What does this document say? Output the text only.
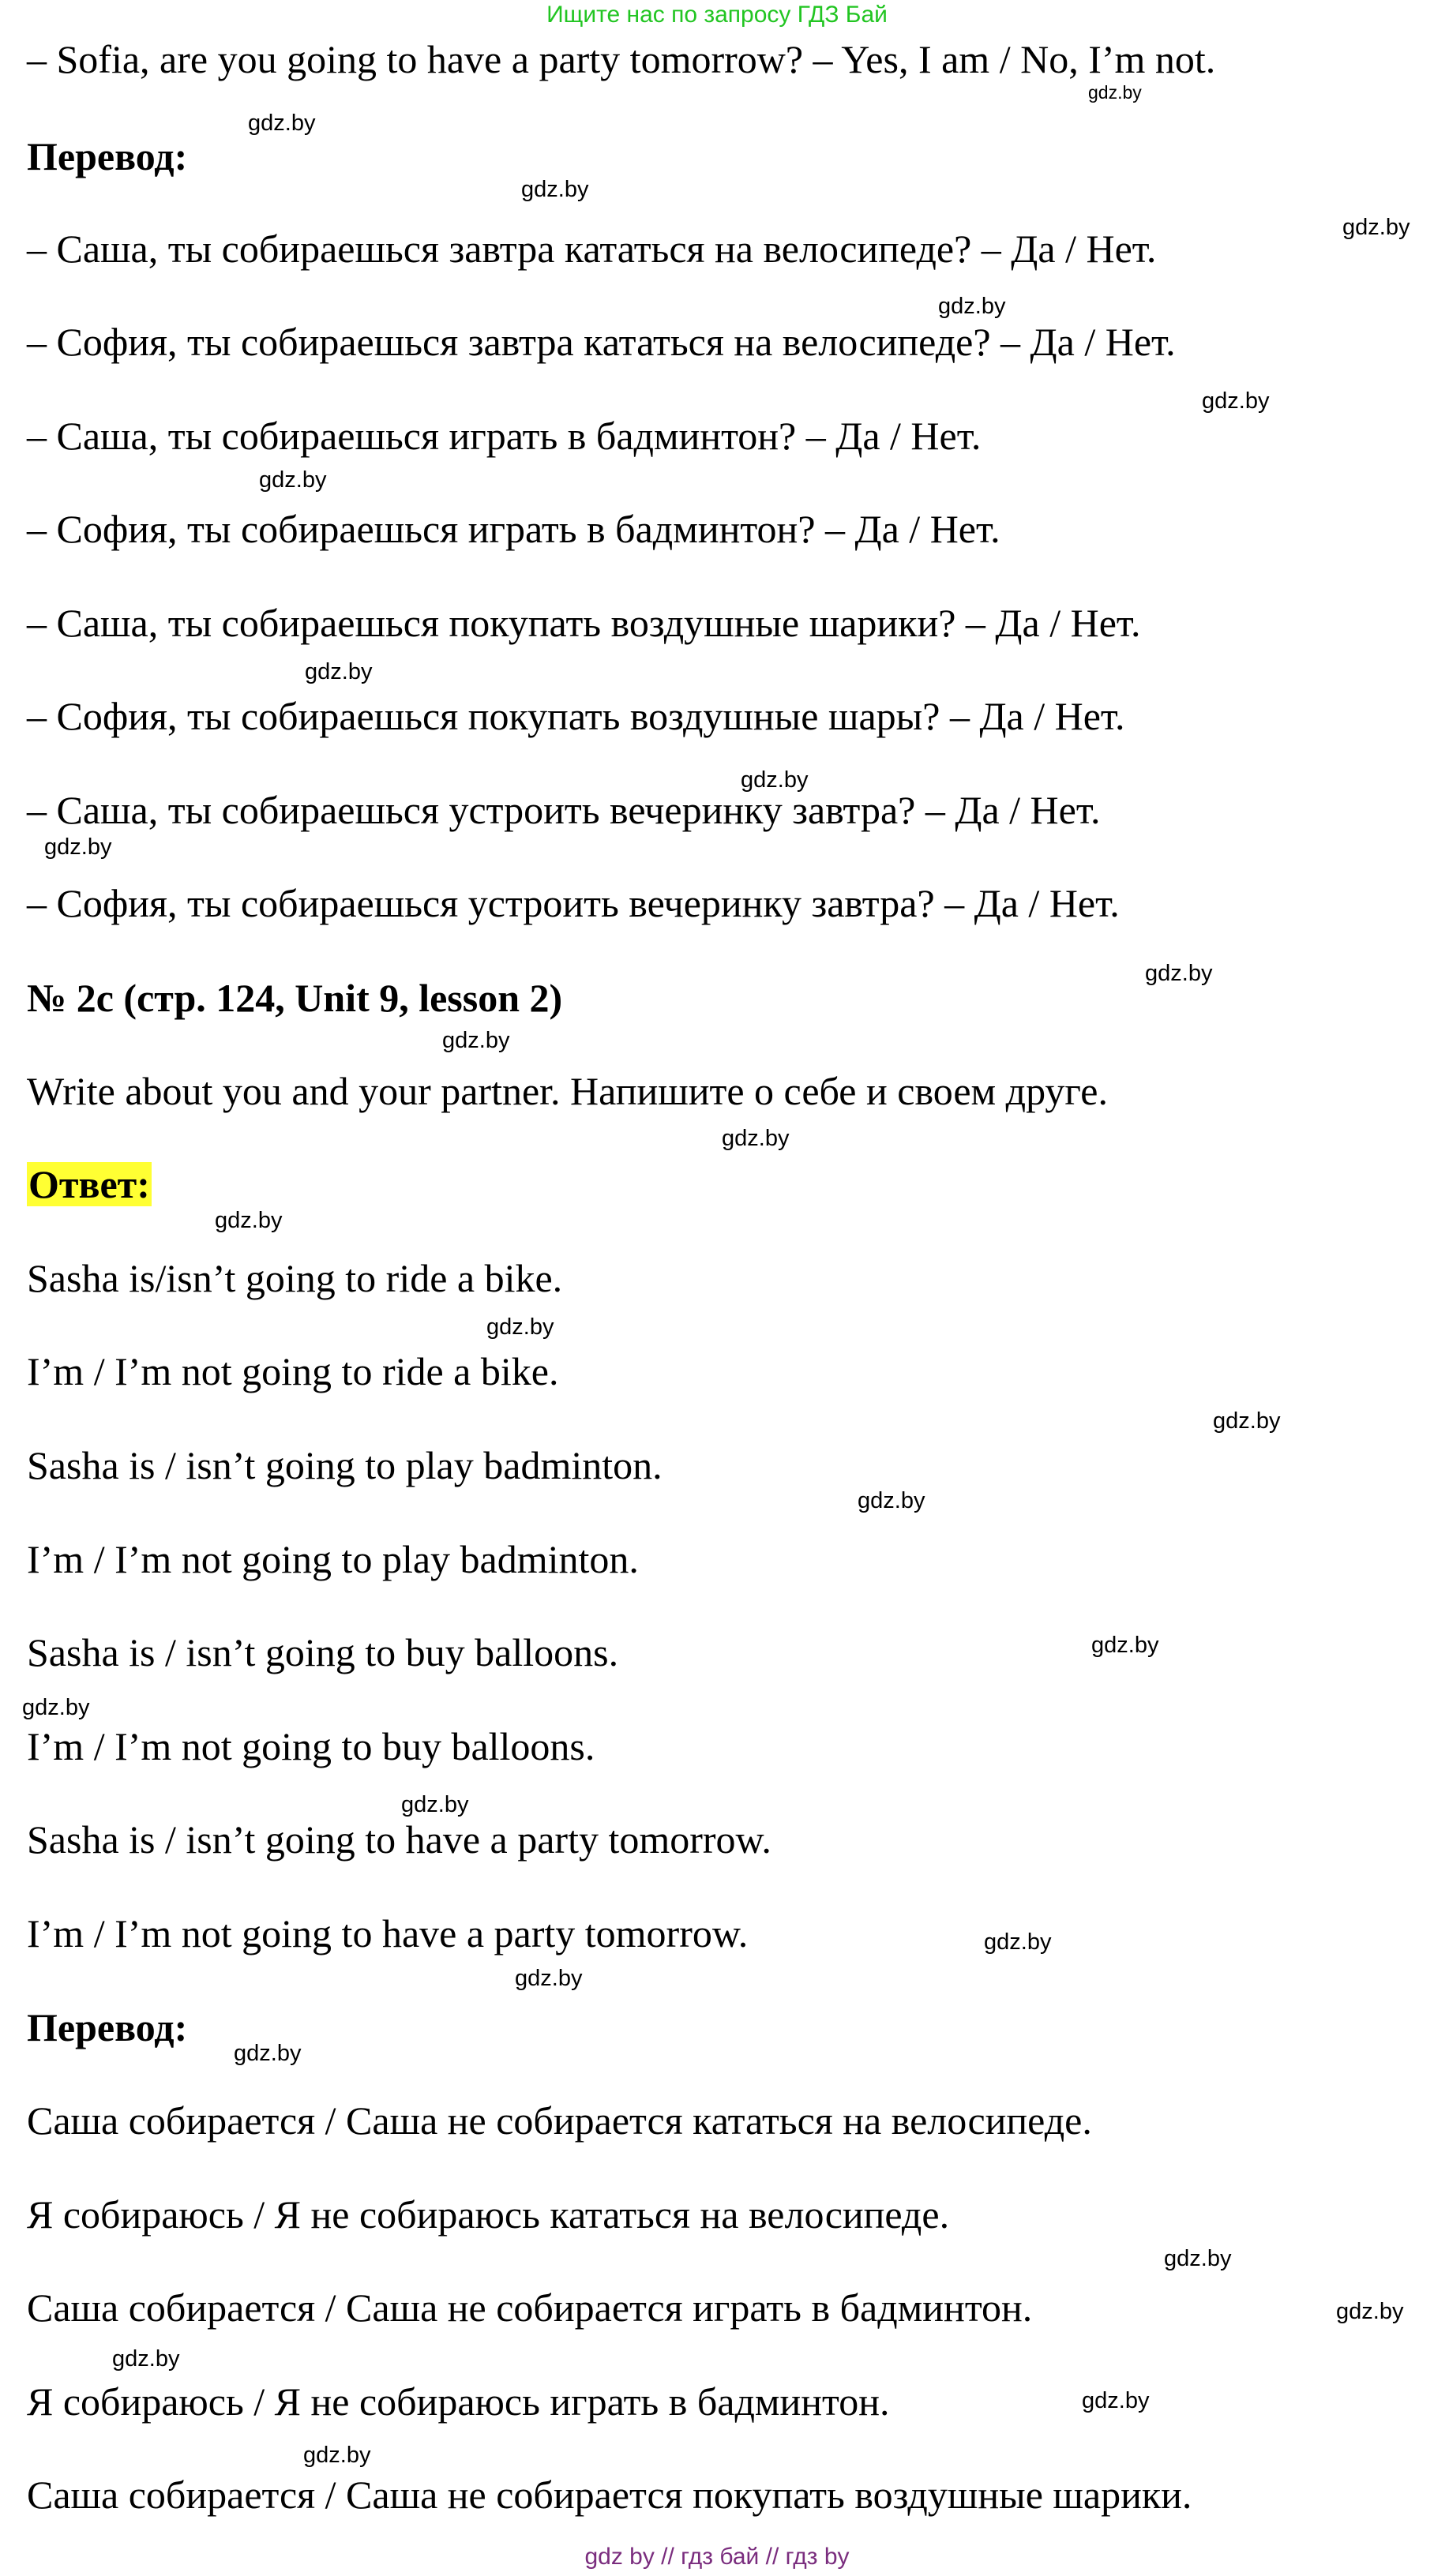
Ищите нас по запросу ГДЗ Бай
– Sofia, are you going to have a party tomorrow? – Yes, I am / No, I’m not.
Перевод:
– Саша, ты собираешься завтра кататься на велосипеде? – Да / Нет.
– София, ты собираешься завтра кататься на велосипеде? – Да / Нет.
– Саша, ты собираешься играть в бадминтон? – Да / Нет.
– София, ты собираешься играть в бадминтон? – Да / Нет.
– Саша, ты собираешься покупать воздушные шарики? – Да / Нет.
– София, ты собираешься покупать воздушные шары? – Да / Нет.
– Саша, ты собираешься устроить вечеринку завтра? – Да / Нет.
– София, ты собираешься устроить вечеринку завтра? – Да / Нет.
№ 2с (стр. 124, Unit 9, lesson 2)
Write about you and your partner. Напишите о себе и своем друге.
Ответ:
Sasha is/isn’t going to ride a bike.
I’m / I’m not going to ride a bike.
Sasha is / isn’t going to play badminton.
I’m / I’m not going to play badminton.
Sasha is / isn’t going to buy balloons.
I’m / I’m not going to buy balloons.
Sasha is / isn’t going to have a party tomorrow.
I’m / I’m not going to have a party tomorrow.
Перевод:
Саша собирается / Саша не собирается кататься на велосипеде.
Я собираюсь / Я не собираюсь кататься на велосипеде.
Саша собирается / Саша не собирается играть в бадминтон.
Я собираюсь / Я не собираюсь играть в бадминтон.
Саша собирается / Саша не собирается покупать воздушные шарики.
gdz.by
gdz.by
gdz.by
gdz.by
gdz.by
gdz.by
gdz.by
gdz.by
gdz.by
gdz.by
gdz.by
gdz.by
gdz.by
gdz.by
gdz.by
gdz.by
gdz.by
gdz.by
gdz.by
gdz.by
gdz.by
gdz.by
gdz.by
gdz.by
gdz.by
gdz.by
gdz.by
gdz.by
gdz by // гдз бай // гдз by
